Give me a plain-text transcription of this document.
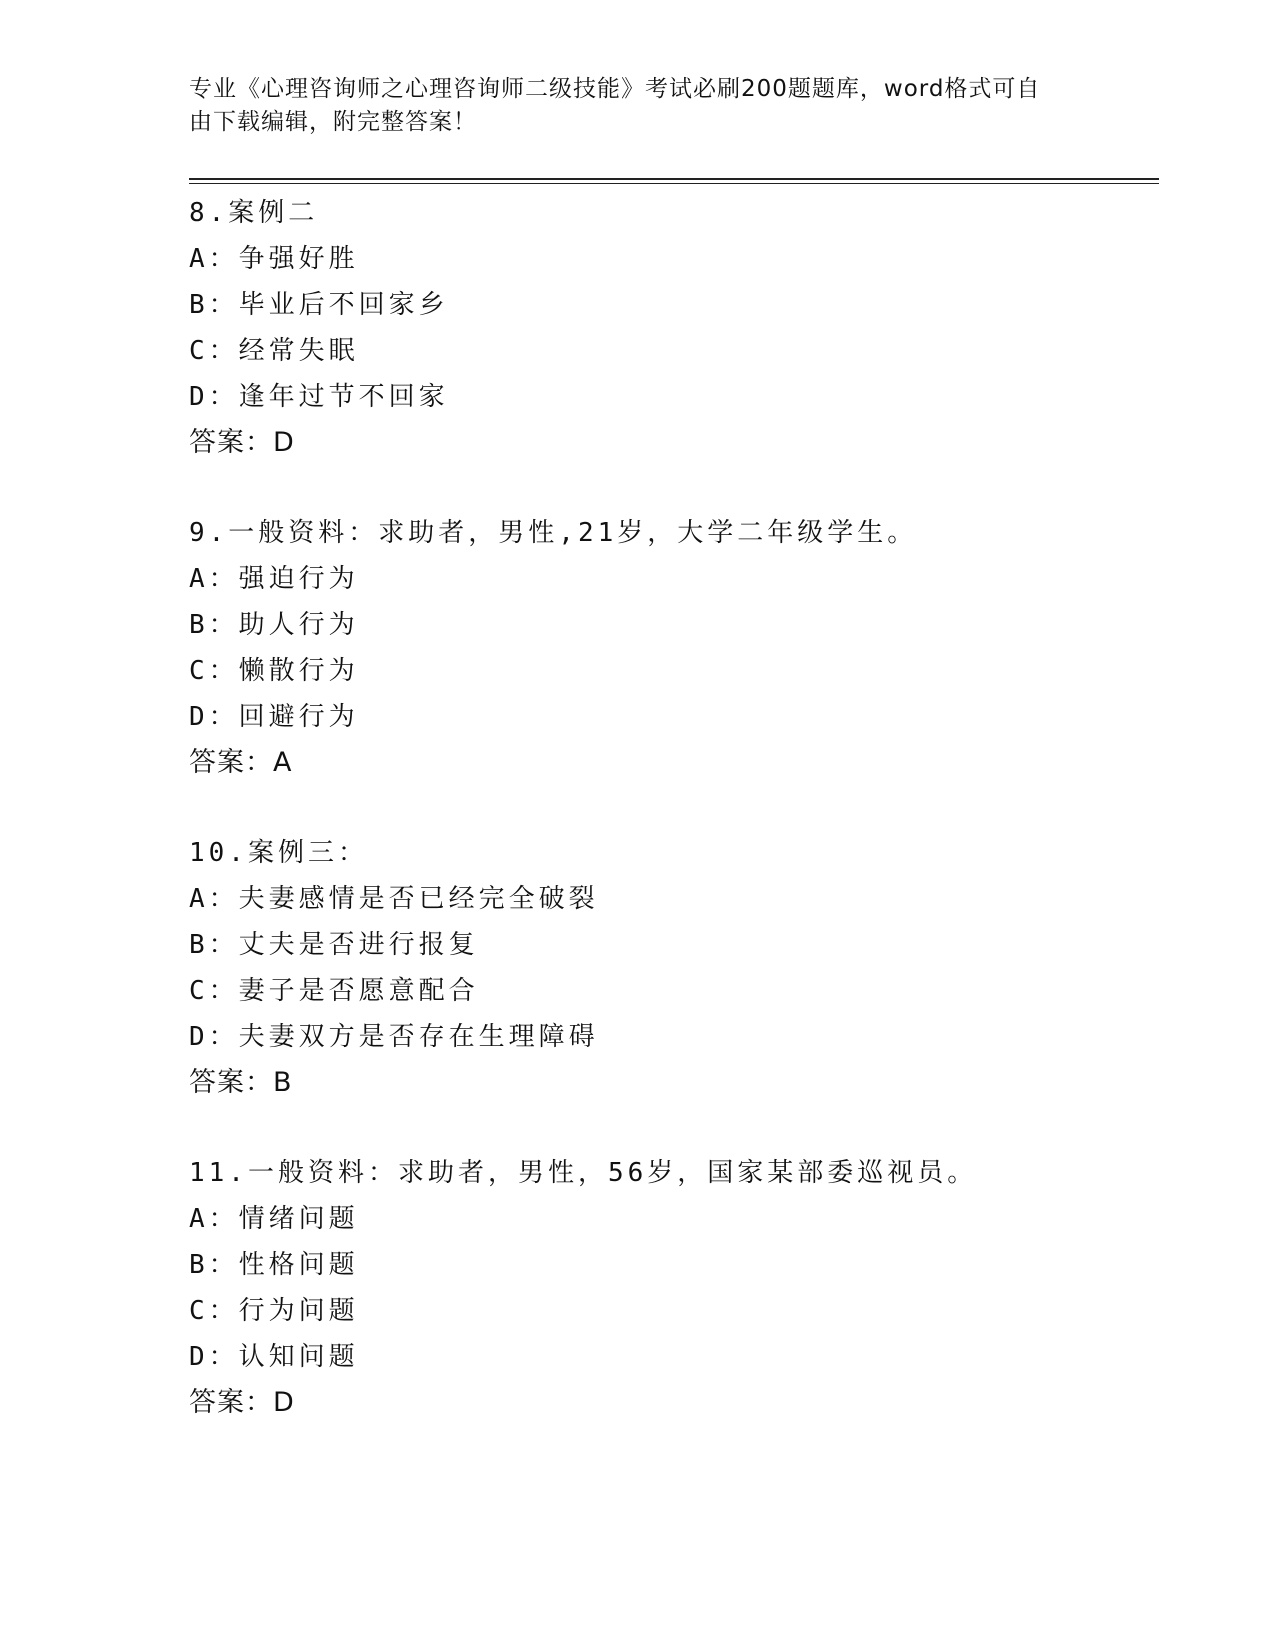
专业《心理咨询师之心理咨询师二级技能》考试必刷200题题库，word格式可自

由下载编辑，附完整答案！

8.案例二
A：争强好胜
B：毕业后不回家乡
C：经常失眠
D：逢年过节不回家
答案：D
9.一般资料：求助者，男性,21岁，大学二年级学生。
A：强迫行为
B：助人行为
C：懒散行为
D：回避行为
答案：A
10.案例三：
A：夫妻感情是否已经完全破裂
B：丈夫是否进行报复
C：妻子是否愿意配合
D：夫妻双方是否存在生理障碍
答案：B
11.一般资料：求助者，男性，56岁，国家某部委巡视员。
A：情绪问题
B：性格问题
C：行为问题
D：认知问题
答案：D
